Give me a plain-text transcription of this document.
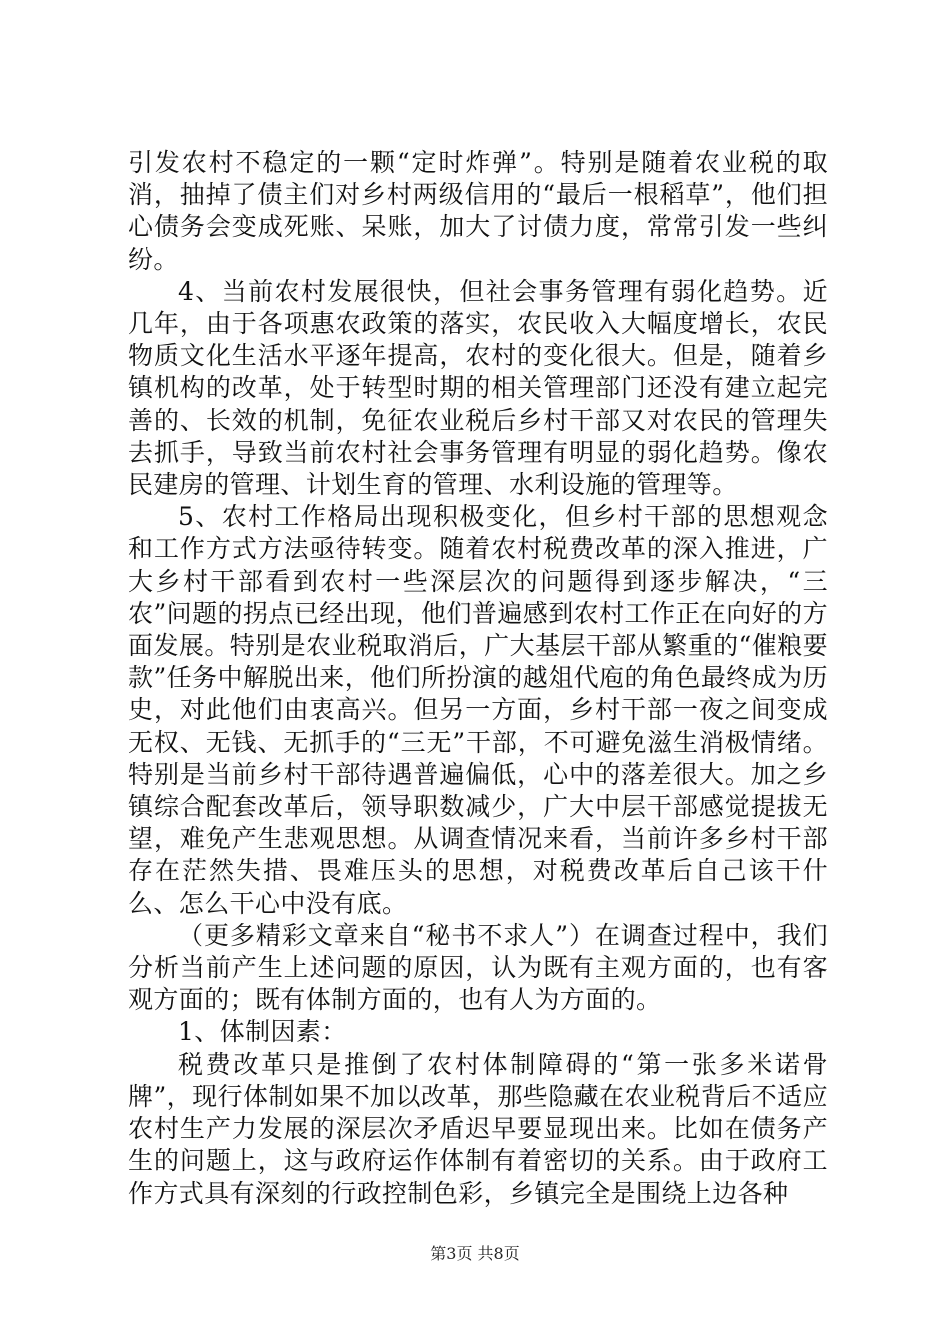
引发农村不稳定的一颗“定时炸弹”。特别是随着农业税的取消，抽掉了债主们对乡村两级信用的“最后一根稻草”，他们担心债务会变成死账、呆账，加大了讨债力度，常常引发一些纠纷。

4、当前农村发展很快，但社会事务管理有弱化趋势。近几年，由于各项惠农政策的落实，农民收入大幅度增长，农民物质文化生活水平逐年提高，农村的变化很大。但是，随着乡镇机构的改革，处于转型时期的相关管理部门还没有建立起完善的、长效的机制，免征农业税后乡村干部又对农民的管理失去抓手，导致当前农村社会事务管理有明显的弱化趋势。像农民建房的管理、计划生育的管理、水利设施的管理等。

5、农村工作格局出现积极变化，但乡村干部的思想观念和工作方式方法亟待转变。随着农村税费改革的深入推进，广大乡村干部看到农村一些深层次的问题得到逐步解决，“三农”问题的拐点已经出现，他们普遍感到农村工作正在向好的方面发展。特别是农业税取消后，广大基层干部从繁重的“催粮要款”任务中解脱出来，他们所扮演的越俎代庖的角色最终成为历史，对此他们由衷高兴。但另一方面，乡村干部一夜之间变成无权、无钱、无抓手的“三无”干部，不可避免滋生消极情绪。特别是当前乡村干部待遇普遍偏低，心中的落差很大。加之乡镇综合配套改革后，领导职数减少，广大中层干部感觉提拔无望，难免产生悲观思想。从调查情况来看，当前许多乡村干部存在茫然失措、畏难压头的思想，对税费改革后自己该干什么、怎么干心中没有底。

（更多精彩文章来自“秘书不求人”）在调查过程中，我们分析当前产生上述问题的原因，认为既有主观方面的，也有客观方面的；既有体制方面的，也有人为方面的。

1、体制因素：

税费改革只是推倒了农村体制障碍的“第一张多米诺骨牌”，现行体制如果不加以改革，那些隐藏在农业税背后不适应农村生产力发展的深层次矛盾迟早要显现出来。比如在债务产生的问题上，这与政府运作体制有着密切的关系。由于政府工作方式具有深刻的行政控制色彩，乡镇完全是围绕上边各种

第3页 共8页
